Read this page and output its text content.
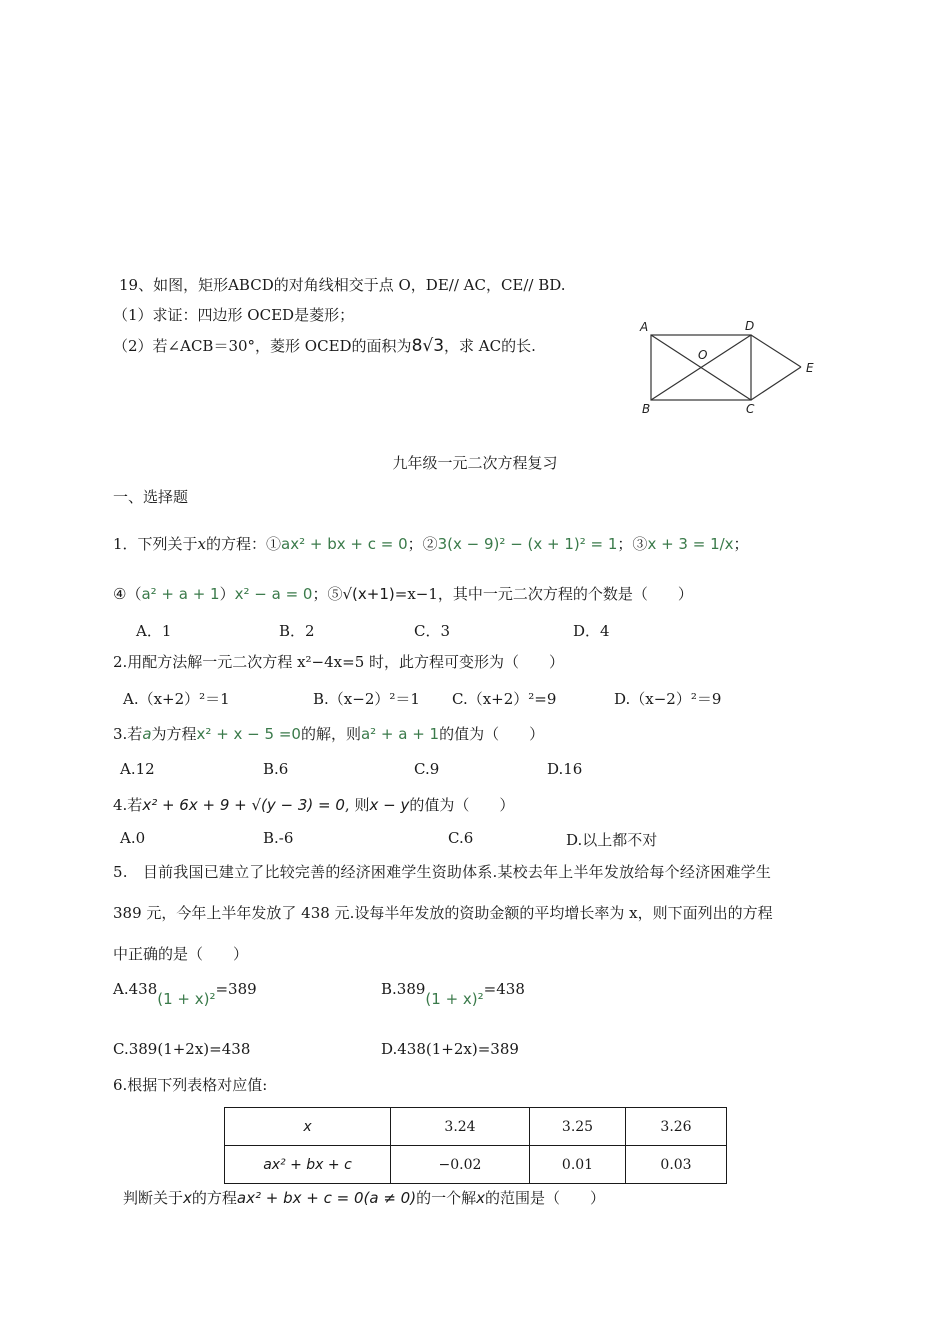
19、如图，矩形ABCD的对角线相交于点 O，DE// AC，CE// BD.
（1）求证：四边形 OCED是菱形；
（2）若∠ACB＝30°，菱形 OCED的面积为8√3，求 AC的长.
A	D
O
E
B	C
九年级一元二次方程复习
一、选择题
1．下列关于x的方程：①ax² + bx + c = 0；②3(x − 9)² − (x + 1)² = 1；③x + 3 = 1/x；
④（a² + a + 1）x² − a = 0；⑤√(x+1)=x−1，其中一元二次方程的个数是（　　）
A．1	B．2	C．3	D．4
2.用配方法解一元二次方程 x²−4x=5 时，此方程可变形为（　　）
A.（x+2）²＝1	B.（x−2）²＝1 C.（x+2）²=9	D.（x−2）²＝9
3.若a为方程x² + x − 5 =0的解，则a² + a + 1的值为（　　）
A.12	B.6	C.9	D.16
4.若x² + 6x + 9 + √(y − 3) = 0, 则x − y的值为（　　）
A.0	B.-6	C.6	D.以上都不对
5.　目前我国已建立了比较完善的经济困难学生资助体系.某校去年上半年发放给每个经济困难学生
389 元，今年上半年发放了 438 元.设每半年发放的资助金额的平均增长率为 x，则下面列出的方程
中正确的是（　　）
A.438(1 + x)²=389	B.389(1 + x)²=438
C.389(1+2x)=438	D.438(1+2x)=389
6.根据下列表格对应值:
x	3.24	3.25	3.26
ax² + bx + c	−0.02	0.01	0.03
判断关于x的方程ax² + bx + c = 0(a ≠ 0)的一个解x的范围是（　　）
